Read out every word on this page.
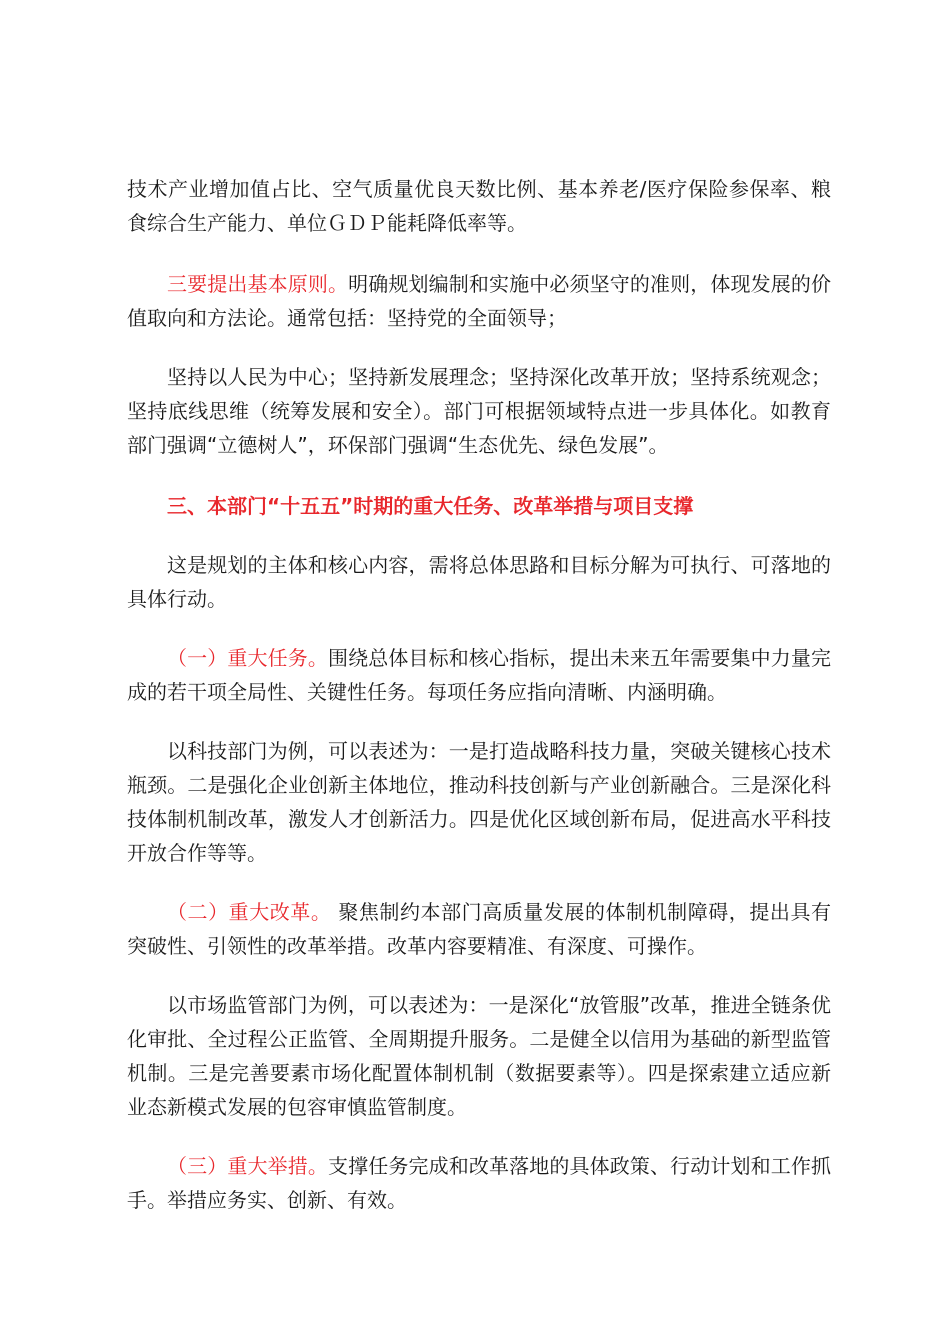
技术产业增加值占比、空气质量优良天数比例、基本养老/医疗保险参保率、粮食综合生产能力、单位ＧＤＰ能耗降低率等。

三要提出基本原则。明确规划编制和实施中必须坚守的准则，体现发展的价值取向和方法论。通常包括：坚持党的全面领导；

坚持以人民为中心；坚持新发展理念；坚持深化改革开放；坚持系统观念；坚持底线思维（统筹发展和安全）。部门可根据领域特点进一步具体化。如教育部门强调“立德树人”，环保部门强调“生态优先、绿色发展”。

三、本部门“十五五”时期的重大任务、改革举措与项目支撑

这是规划的主体和核心内容，需将总体思路和目标分解为可执行、可落地的具体行动。

（一）重大任务。围绕总体目标和核心指标，提出未来五年需要集中力量完成的若干项全局性、关键性任务。每项任务应指向清晰、内涵明确。

以科技部门为例，可以表述为：一是打造战略科技力量，突破关键核心技术瓶颈。二是强化企业创新主体地位，推动科技创新与产业创新融合。三是深化科技体制机制改革，激发人才创新活力。四是优化区域创新布局，促进高水平科技开放合作等等。

（二）重大改革。 聚焦制约本部门高质量发展的体制机制障碍，提出具有突破性、引领性的改革举措。改革内容要精准、有深度、可操作。

以市场监管部门为例，可以表述为：一是深化“放管服”改革，推进全链条优化审批、全过程公正监管、全周期提升服务。二是健全以信用为基础的新型监管机制。三是完善要素市场化配置体制机制（数据要素等）。四是探索建立适应新业态新模式发展的包容审慎监管制度。

（三）重大举措。支撑任务完成和改革落地的具体政策、行动计划和工作抓手。举措应务实、创新、有效。
